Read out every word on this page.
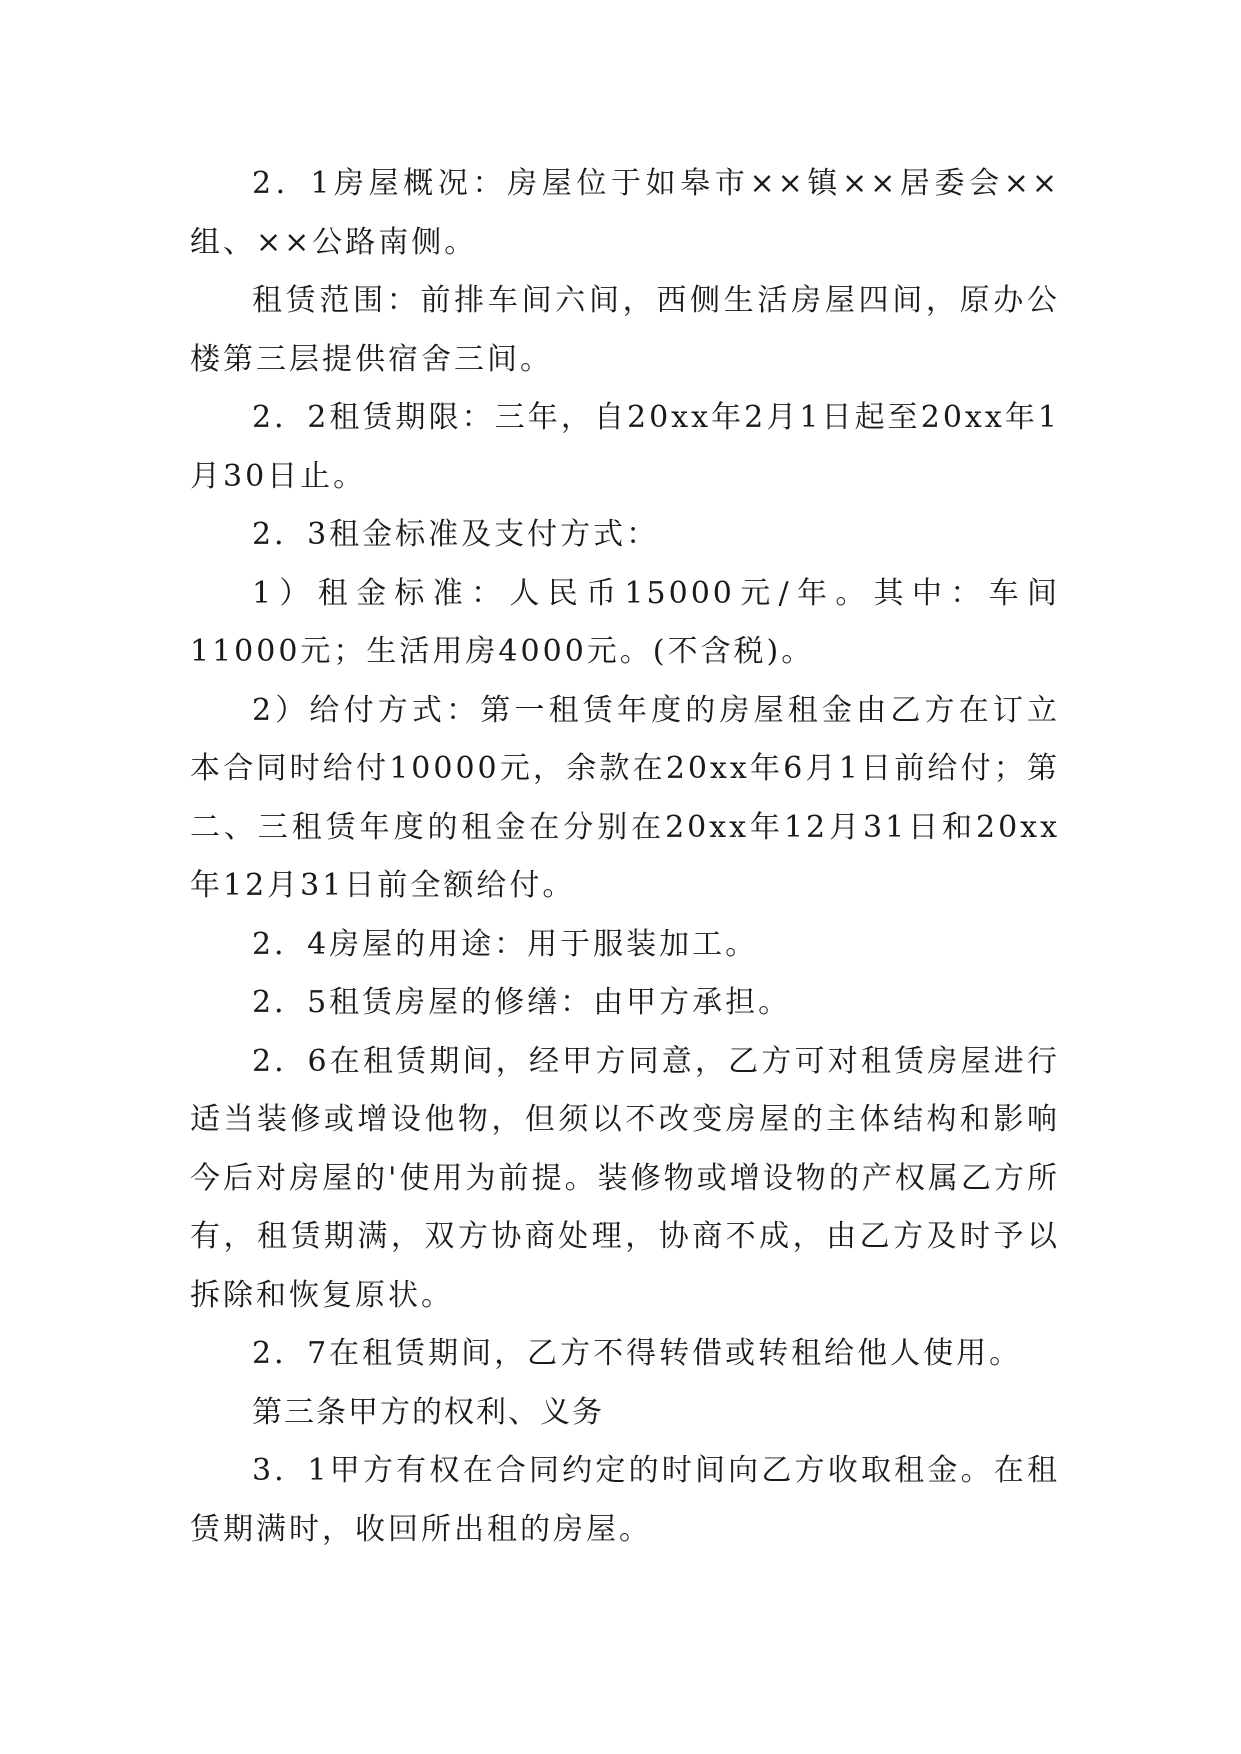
2．1房屋概况：房屋位于如皋市××镇××居委会××组、××公路南侧。

租赁范围：前排车间六间，西侧生活房屋四间，原办公楼第三层提供宿舍三间。

2．2租赁期限：三年，自20xx年2月1日起至20xx年1月30日止。

2．3租金标准及支付方式：

1）租金标准：人民币15000元/年。其中：车间11000元；生活用房4000元。(不含税)。

2）给付方式：第一租赁年度的房屋租金由乙方在订立本合同时给付10000元，余款在20xx年6月1日前给付；第二、三租赁年度的租金在分别在20xx年12月31日和20xx年12月31日前全额给付。

2．4房屋的用途：用于服装加工。

2．5租赁房屋的修缮：由甲方承担。

2．6在租赁期间，经甲方同意，乙方可对租赁房屋进行适当装修或增设他物，但须以不改变房屋的主体结构和影响今后对房屋的'使用为前提。装修物或增设物的产权属乙方所有，租赁期满，双方协商处理，协商不成，由乙方及时予以拆除和恢复原状。

2．7在租赁期间，乙方不得转借或转租给他人使用。

第三条甲方的权利、义务

3．1甲方有权在合同约定的时间向乙方收取租金。在租赁期满时，收回所出租的房屋。
